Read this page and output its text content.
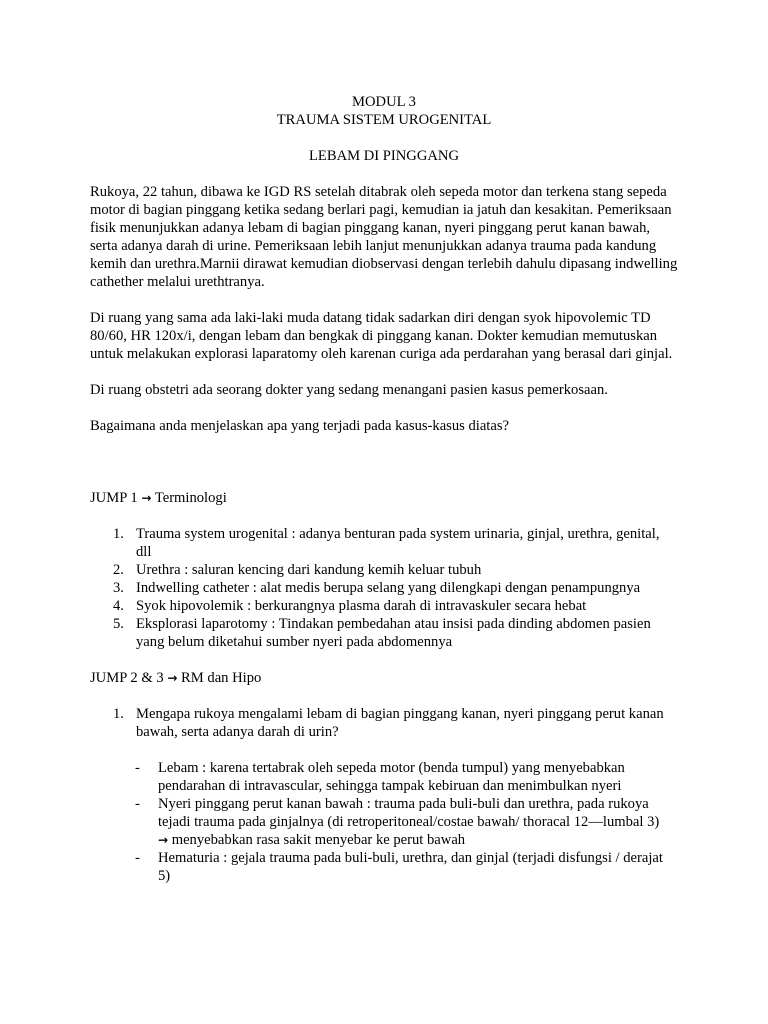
MODUL 3

TRAUMA SISTEM UROGENITAL

LEBAM DI PINGGANG

Rukoya, 22 tahun, dibawa ke IGD RS setelah ditabrak oleh sepeda motor dan terkena stang sepeda motor di bagian pinggang ketika sedang berlari pagi, kemudian ia jatuh dan kesakitan. Pemeriksaan fisik menunjukkan adanya lebam di bagian pinggang kanan, nyeri pinggang perut kanan bawah, serta adanya darah di urine. Pemeriksaan lebih lanjut menunjukkan adanya trauma pada kandung kemih dan urethra.Marnii dirawat kemudian diobservasi dengan terlebih dahulu dipasang indwelling cathether melalui urethtranya.

Di ruang yang sama ada laki-laki muda datang tidak sadarkan diri dengan syok hipovolemic TD 80/60, HR 120x/i, dengan lebam dan bengkak di pinggang kanan. Dokter kemudian memutuskan untuk melakukan explorasi laparatomy oleh karenan curiga ada perdarahan yang berasal dari ginjal.

Di ruang obstetri ada seorang dokter yang sedang menangani pasien kasus pemerkosaan.

Bagaimana anda menjelaskan apa yang terjadi pada kasus-kasus diatas?

JUMP 1 → Terminologi

1. Trauma system urogenital : adanya benturan pada system urinaria, ginjal, urethra, genital, dll
2. Urethra : saluran kencing dari kandung kemih keluar tubuh
3. Indwelling catheter : alat medis berupa selang yang dilengkapi dengan penampungnya
4. Syok hipovolemik : berkurangnya plasma darah di intravaskuler secara hebat
5. Eksplorasi laparotomy : Tindakan pembedahan atau insisi pada dinding abdomen pasien yang belum diketahui sumber nyeri pada abdomennya

JUMP 2 & 3 → RM dan Hipo

1. Mengapa rukoya mengalami lebam di bagian pinggang kanan, nyeri pinggang perut kanan bawah, serta adanya darah di urin?
- Lebam : karena tertabrak oleh sepeda motor (benda tumpul) yang menyebabkan pendarahan di intravascular, sehingga tampak kebiruan dan menimbulkan nyeri
- Nyeri pinggang perut kanan bawah : trauma pada buli-buli dan urethra, pada rukoya tejadi trauma pada ginjalnya (di retroperitoneal/costae bawah/ thoracal 12—lumbal 3)
→ menyebabkan rasa sakit menyebar ke perut bawah
- Hematuria : gejala trauma pada buli-buli, urethra, dan ginjal (terjadi disfungsi / derajat 5)
